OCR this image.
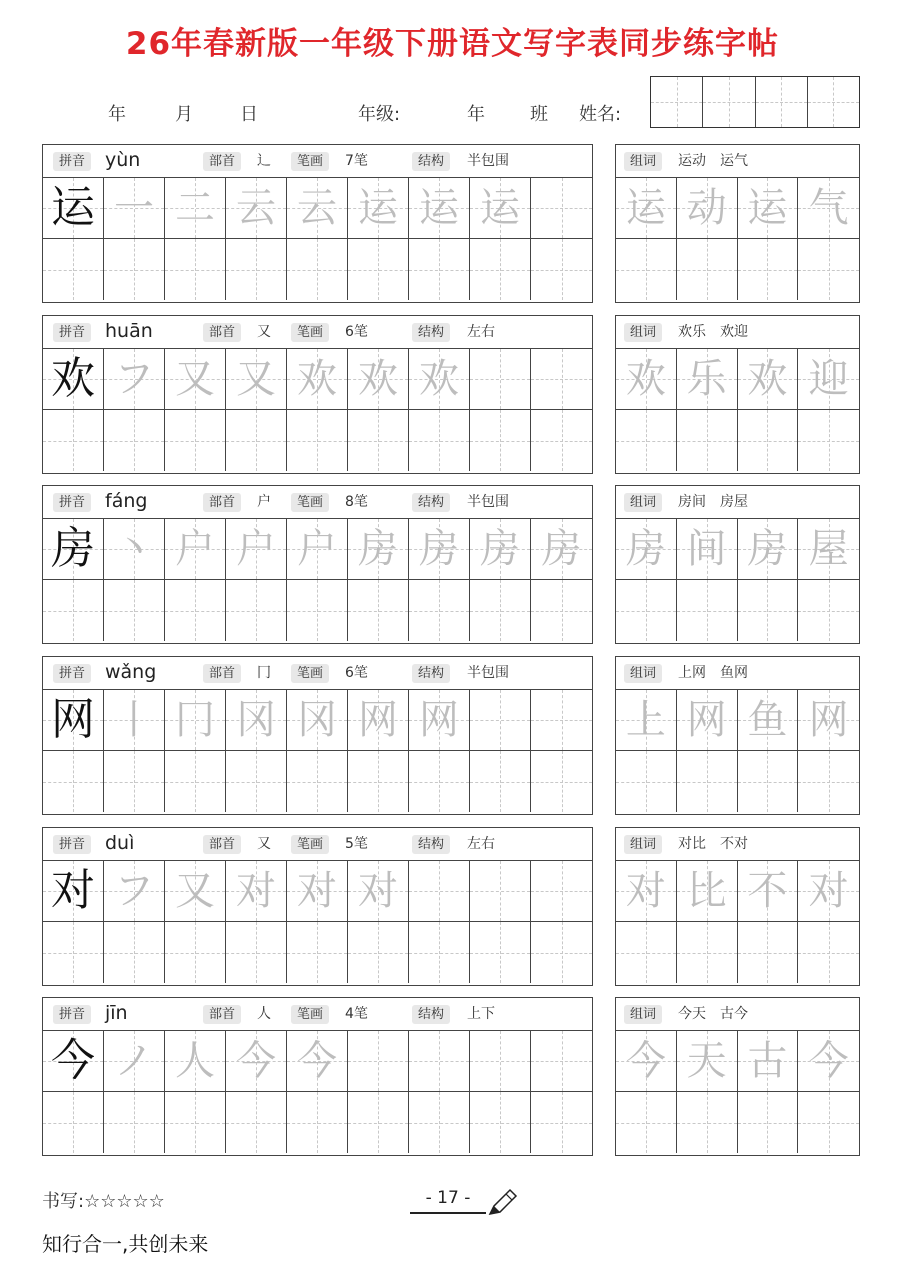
26年春新版一年级下册语文写字表同步练字帖
年	月	日	年级:	年	班 姓名:
拼音	yùn	部首	辶	笔画	7笔	结构	半包围
运 一 二 云 云 运 运 运
组词	运动　运气
运 动 运 气
拼音	huān	部首	又	笔画	6笔	结构	左右
欢 フ 又 又 欢 欢 欢
组词	欢乐　欢迎
欢 乐 欢 迎
拼音	fáng	部首	户	笔画	8笔	结构	半包围
房 丶 户 户 户 房 房 房 房
组词	房间　房屋
房 间 房 屋
拼音	wǎng	部首	冂	笔画	6笔	结构	半包围
网 丨 冂 冈 冈 网 网
组词	上网　鱼网
上 网 鱼 网
拼音	duì	部首	又	笔画	5笔	结构	左右
对 フ 又 对 对 对
组词	对比　不对
对 比 不 对
拼音	jīn	部首	人	笔画	4笔	结构	上下
今 ノ 人 今 今
组词	今天　古今
今 天 古 今
书写:☆☆☆☆☆	- 17 -
知行合一,共创未来
